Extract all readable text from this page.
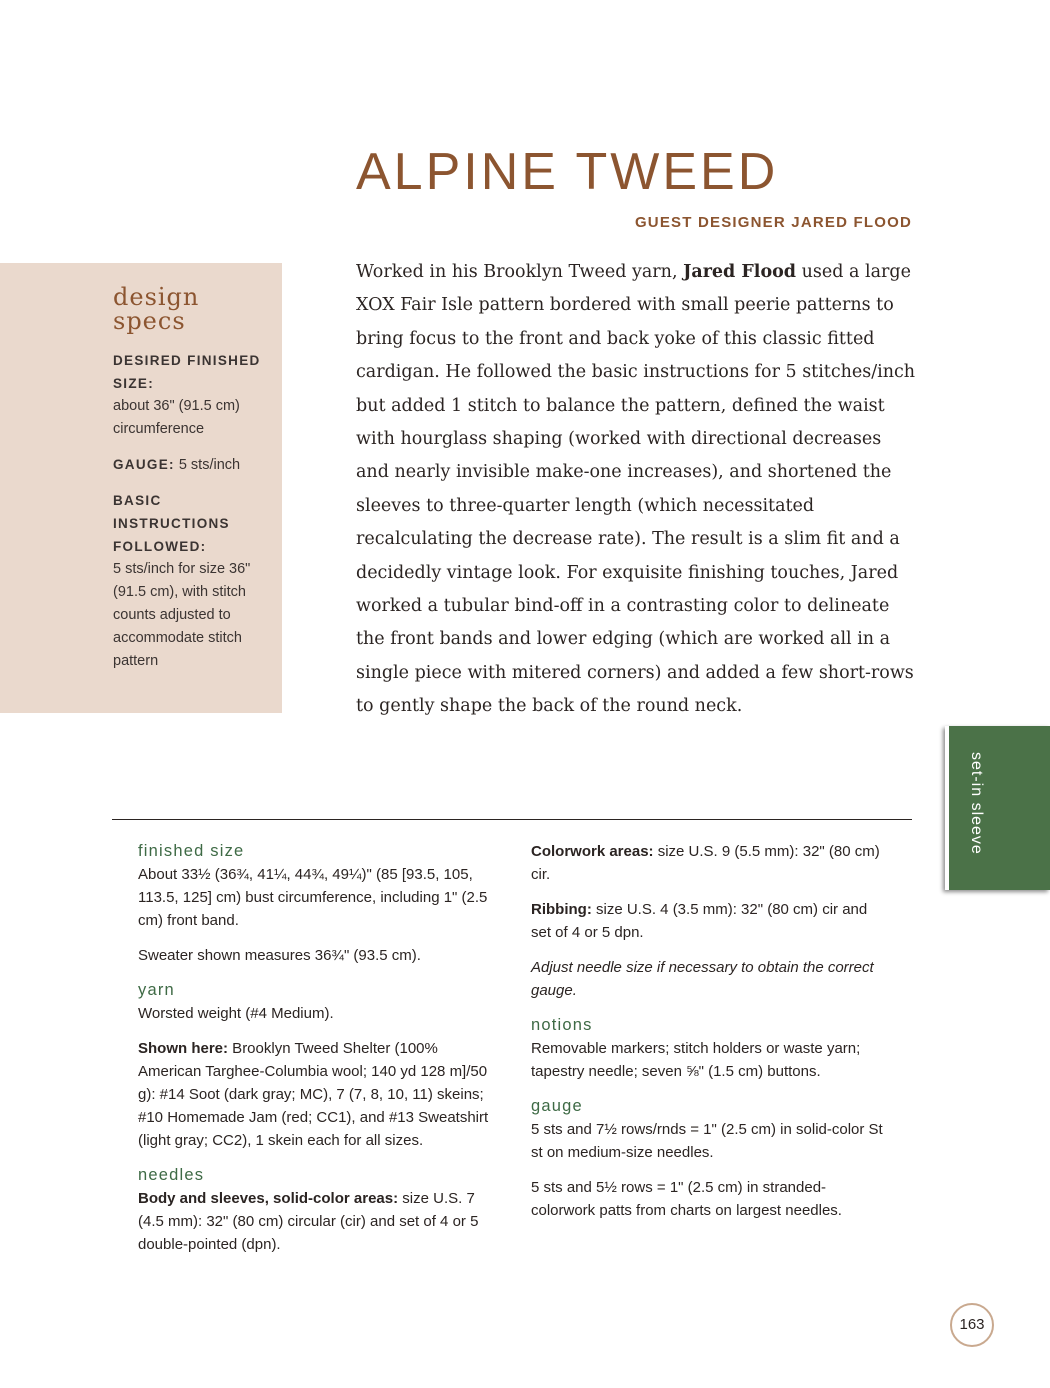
ALPINE TWEED
GUEST DESIGNER JARED FLOOD
design
specs
DESIRED FINISHED SIZE:
about 36" (91.5 cm) circumference
GAUGE: 5 sts/inch
BASIC INSTRUCTIONS FOLLOWED:
5 sts/inch for size 36" (91.5 cm), with stitch counts adjusted to accommodate stitch pattern

Worked in his Brooklyn Tweed yarn, Jared Flood used a large XOX Fair Isle pattern bordered with small peerie patterns to bring focus to the front and back yoke of this classic fitted cardigan. He followed the basic instructions for 5 stitches/inch but added 1 stitch to balance the pattern, defined the waist with hourglass shaping (worked with directional decreases and nearly invisible make-one increases), and shortened the sleeves to three-quarter length (which necessitated recalculating the decrease rate). The result is a slim fit and a decidedly vintage look. For exquisite finishing touches, Jared worked a tubular bind-off in a contrasting color to delineate the front bands and lower edging (which are worked all in a single piece with mitered corners) and added a few short-rows to gently shape the back of the round neck.

finished size
About 33½ (36¾, 41¼, 44¾, 49¼)" (85 [93.5, 105, 113.5, 125] cm) bust circumference, including 1" (2.5 cm) front band.
Sweater shown measures 36¾" (93.5 cm).
yarn
Worsted weight (#4 Medium).
Shown here: Brooklyn Tweed Shelter (100% American Targhee-Columbia wool; 140 yd 128 m]/50 g): #14 Soot (dark gray; MC), 7 (7, 8, 10, 11) skeins; #10 Homemade Jam (red; CC1), and #13 Sweatshirt (light gray; CC2), 1 skein each for all sizes.
needles
Body and sleeves, solid-color areas: size U.S. 7 (4.5 mm): 32" (80 cm) circular (cir) and set of 4 or 5 double-pointed (dpn).
Colorwork areas: size U.S. 9 (5.5 mm): 32" (80 cm) cir.
Ribbing: size U.S. 4 (3.5 mm): 32" (80 cm) cir and set of 4 or 5 dpn.
Adjust needle size if necessary to obtain the correct gauge.
notions
Removable markers; stitch holders or waste yarn; tapestry needle; seven ⅝" (1.5 cm) buttons.
gauge
5 sts and 7½ rows/rnds = 1" (2.5 cm) in solid-color St st on medium-size needles.
5 sts and 5½ rows = 1" (2.5 cm) in stranded-colorwork patts from charts on largest needles.
set-in sleeve
163
